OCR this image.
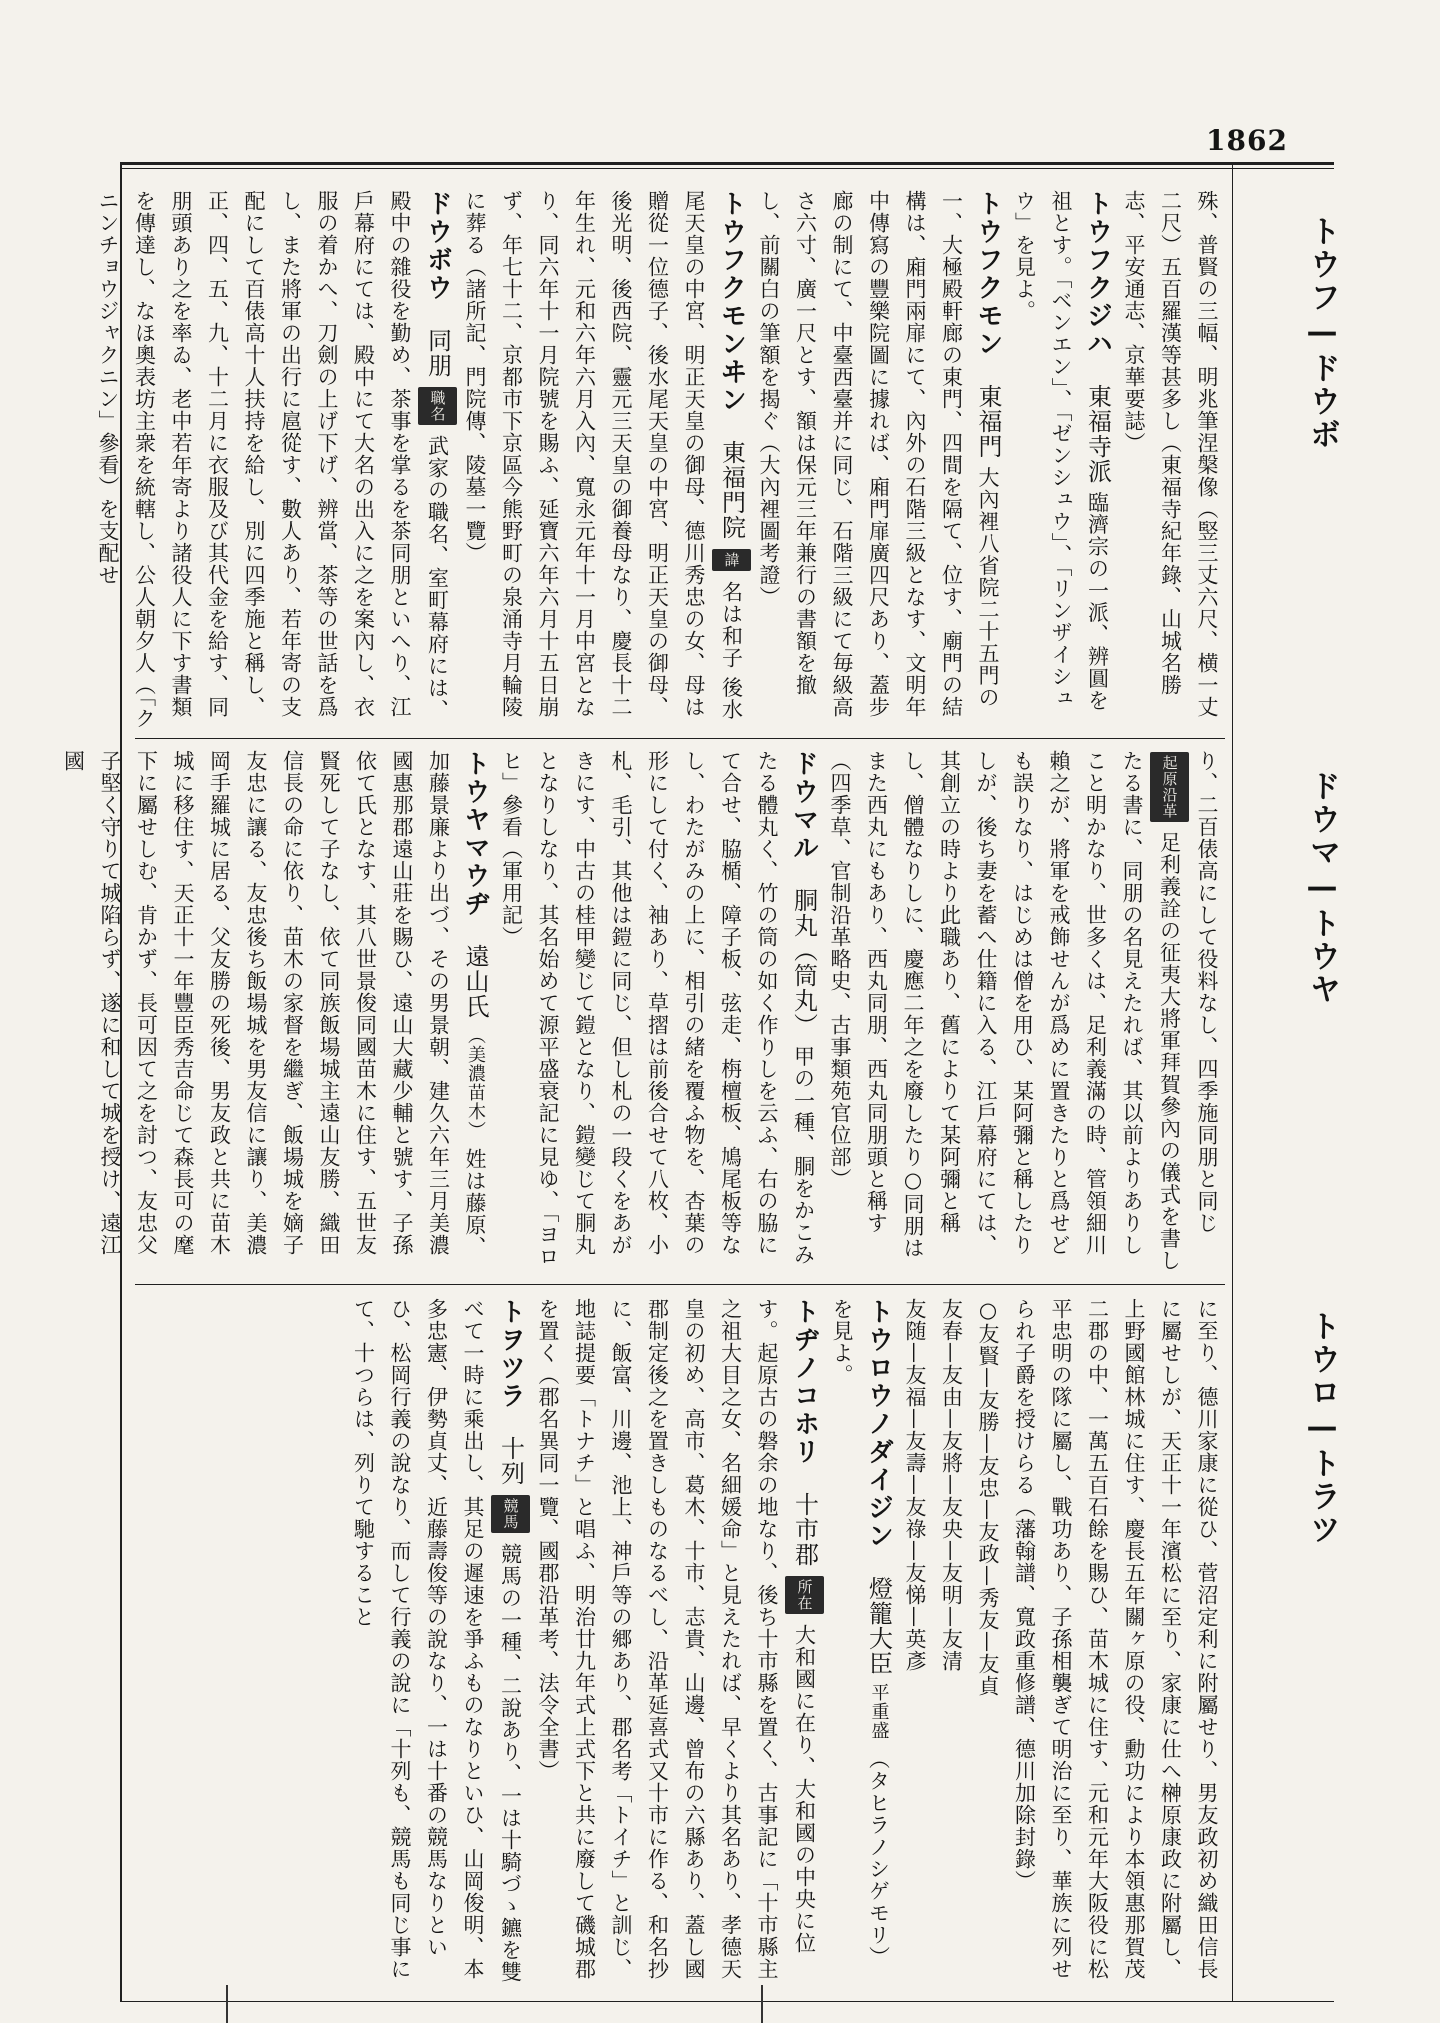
1862
トウフ—ドウボ
ドウマ—トウヤ
トウロ—トラツ

殊、普賢の三幅、明兆筆涅槃像（竪三丈六尺、横一丈二尺）五百羅漢等甚多し（東福寺紀年錄、山城名勝志、平安通志、京華要誌）

トウフクジハ 東福寺派 臨濟宗の一派、辨圓を祖とす。「ベンエン」、「ゼンシュウ」、「リンザイシュウ」を見よ。
トウフクモン 東福門 大內裡八省院二十五門の一、大極殿軒廊の東門、四間を隔て、位す、廟門の結構は、廂門兩扉にて、內外の石階三級となす、文明年中傳寫の豐樂院圖に據れば、廂門扉廣四尺あり、蓋步廊の制にて、中臺西臺并に同じ、石階三級にて毎級高さ六寸、廣一尺とす、額は保元三年兼行の書額を撤し、前關白の筆額を揭ぐ（大內裡圖考證）
トウフクモンヰン 東福門院 諱 名は和子 後水尾天皇の中宮、明正天皇の御母、德川秀忠の女、母は贈從一位德子、後水尾天皇の中宮、明正天皇の御母、後光明、後西院、靈元三天皇の御養母なり、慶長十二年生れ、元和六年六月入內、寬永元年十一月中宮となり、同六年十一月院號を賜ふ、延寶六年六月十五日崩ず、年七十二、京都市下京區今熊野町の泉涌寺月輪陵に葬る（諸所記、門院傳、陵墓一覽）
ドウボウ 同朋 職名 武家の職名、室町幕府には、殿中の雜役を勤め、茶事を掌るを茶同朋といへり、江戶幕府にては、殿中にて大名の出入に之を案內し、衣服の着かへ、刀劍の上げ下げ、辨當、茶等の世話を爲し、また將軍の出行に扈從す、數人あり、若年寄の支配にして百俵高十人扶持を給し、別に四季施と稱し、正、四、五、九、十二月に衣服及び其代金を給す、同朋頭あり之を率ゐ、老中若年寄より諸役人に下す書類を傳達し、なほ奧表坊主衆を統轄し、公人朝夕人（「クニンチョウジャクニン」參看）を支配せ

り、二百俵高にして役料なし、四季施同朋と同じ

起原沿革 足利義詮の征夷大將軍拜賀參內の儀式を書したる書に、同朋の名見えたれば、其以前よりありしこと明かなり、世多くは、足利義滿の時、管領細川賴之が、將軍を戒飾せんが爲めに置きたりと爲せども誤りなり、はじめは僧を用ひ、某阿彌と稱したりしが、後ち妻を蓄へ仕籍に入る、江戶幕府にては、其創立の時より此職あり、舊によりて某阿彌と稱し、僧體なりしに、慶應二年之を廢したり○同朋はまた西丸にもあり、西丸同朋、西丸同朋頭と稱す（四季草、官制沿革略史、古事類苑官位部）
ドウマル 胴丸（筒丸） 甲の一種、胴をかこみたる體丸く、竹の筒の如く作りしを云ふ、右の脇にて合せ、脇楯、障子板、弦走、栴檀板、鳩尾板等なし、わたがみの上に、相引の緒を覆ふ物を、杏葉の形にして付く、袖あり、草摺は前後合せて八枚、小札、毛引、其他は鎧に同じ、但し札の一段くをあがきにす、中古の桂甲變じて鎧となり、鎧變じて胴丸となりしなり、其名始めて源平盛衰記に見ゆ、「ヨロヒ」參看（軍用記）
トウヤマウヂ 遠山氏 （美濃苗木） 姓は藤原、加藤景廉より出づ、その男景朝、建久六年三月美濃國惠那郡遠山莊を賜ひ、遠山大藏少輔と號す、子孫依て氏となす、其八世景俊同國苗木に住す、五世友賢死して子なし、依て同族飯場城主遠山友勝、織田信長の命に依り、苗木の家督を繼ぎ、飯場城を嫡子友忠に讓る、友忠後ち飯場城を男友信に讓り、美濃岡手羅城に居る、父友勝の死後、男友政と共に苗木城に移住す、天正十一年豐臣秀吉命じて森長可の麾下に屬せしむ、肯かず、長可因て之を討つ、友忠父子堅く守りて城陷らず、遂に和して城を授け、遠江國

に至り、德川家康に從ひ、菅沼定利に附屬せり、男友政初め織田信長に屬せしが、天正十一年濱松に至り、家康に仕へ榊原康政に附屬し、上野國館林城に住す、慶長五年關ヶ原の役、勳功により本領惠那賀茂二郡の中、一萬五百石餘を賜ひ、苗木城に住す、元和元年大阪役に松平忠明の隊に屬し、戰功あり、子孫相襲ぎて明治に至り、華族に列せられ子爵を授けらる（藩翰譜、寬政重修譜、德川加除封錄）

○友賢—友勝—友忠—友政—秀友—友貞

友春—友由—友將—友央—友明—友清

友随—友福—友壽—友祿—友悌—英彥

トウロウノダイジン 燈籠大臣 平重盛 （タヒラノシゲモリ）を見よ。
トヂノコホリ 十市郡 所在 大和國に在り、大和國の中央に位す。起原古の磐余の地なり、後ち十市縣を置く、古事記に「十市縣主之祖大目之女、名細媛命」と見えたれば、早くより其名あり、孝德天皇の初め、高市、葛木、十市、志貴、山邊、曾布の六縣あり、蓋し國郡制定後之を置きしものなるべし、沿革延喜式又十市に作る、和名抄に、飯富、川邊、池上、神戶等の郷あり、郡名考「トイチ」と訓じ、地誌提要「トナチ」と唱ふ、明治廿九年式上式下と共に廢して磯城郡を置く（郡名異同一覽、國郡沿革考、法令全書）
トヲツラ 十列 競馬 競馬の一種、二說あり、一は十騎づゝ鑣を雙べて一時に乘出し、其足の遲速を爭ふものなりといひ、山岡俊明、本多忠憲、伊勢貞丈、近藤壽俊等の說なり、一は十番の競馬なりといひ、松岡行義の說なり、而して行義の說に「十列も、競馬も同じ事にて、十つらは、列りて馳すること
